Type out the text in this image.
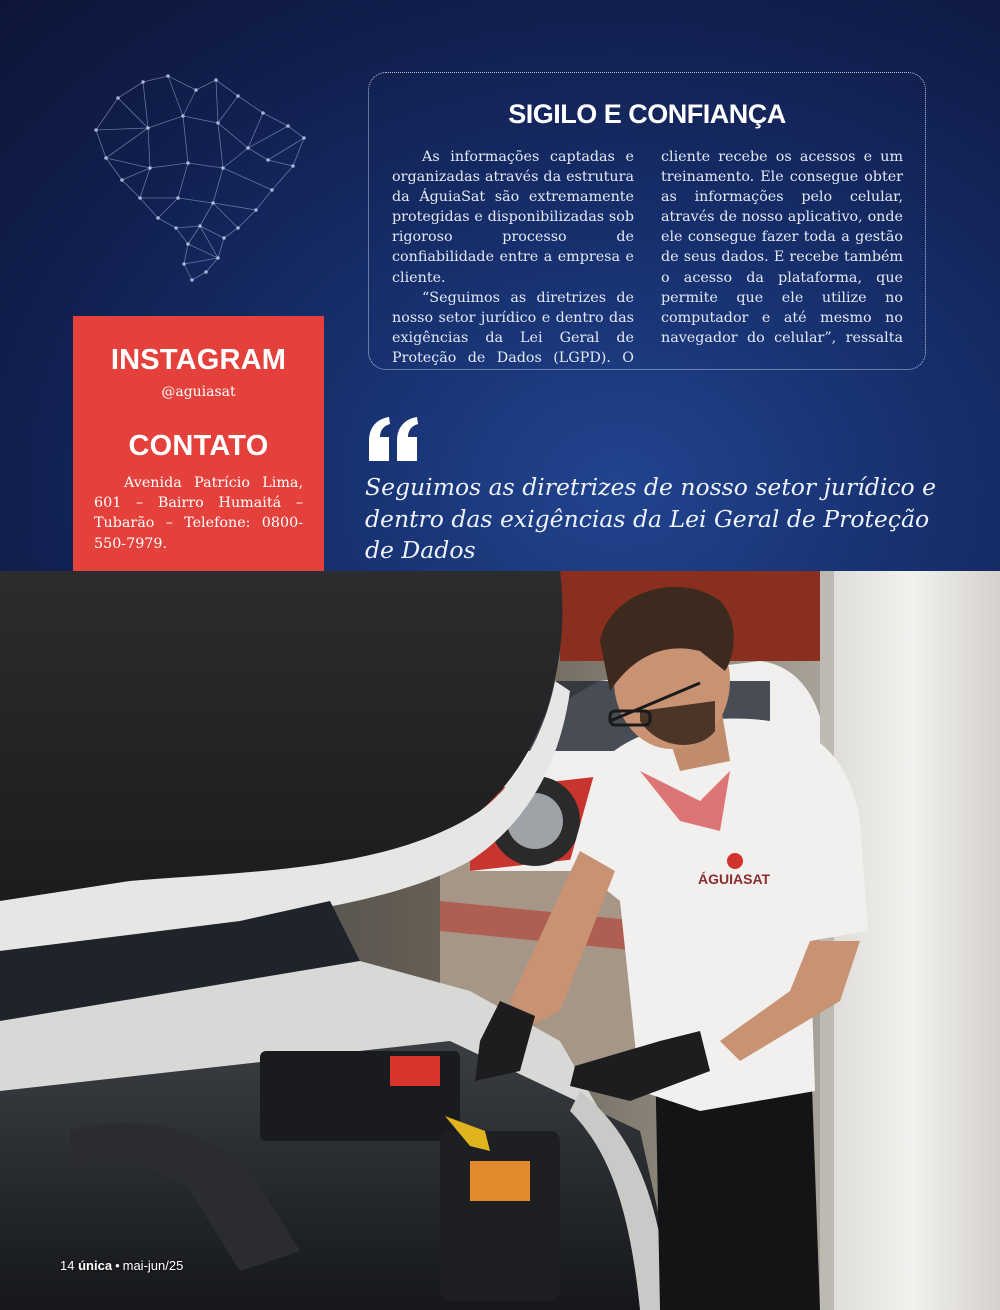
SIGILO E CONFIANÇA

As informações captadas e organizadas através da estrutura da ÁguiaSat são extremamente protegidas e disponibilizadas sob rigoroso processo de confiabilidade entre a empresa e cliente.

“Seguimos as diretrizes de nosso setor jurídico e dentro das exigências da Lei Geral de Proteção de Dados (LGPD). O

cliente recebe os acessos e um treinamento. Ele consegue obter as informações pelo celular, através de nosso aplicativo, onde ele consegue fazer toda a gestão de seus dados. E recebe também o acesso da plataforma, que permite que ele utilize no computador e até mesmo no navegador do celular”, ressalta

INSTAGRAM
@aguiasat
CONTATO

Avenida Patrício Lima, 601 – Bairro Humaitá – Tubarão – Telefone: 0800-550-7979.

Seguimos as diretrizes de nosso setor jurídico e dentro das exigências da Lei Geral de Proteção de Dados

ÁGUIASAT
14 única • mai-jun/25
